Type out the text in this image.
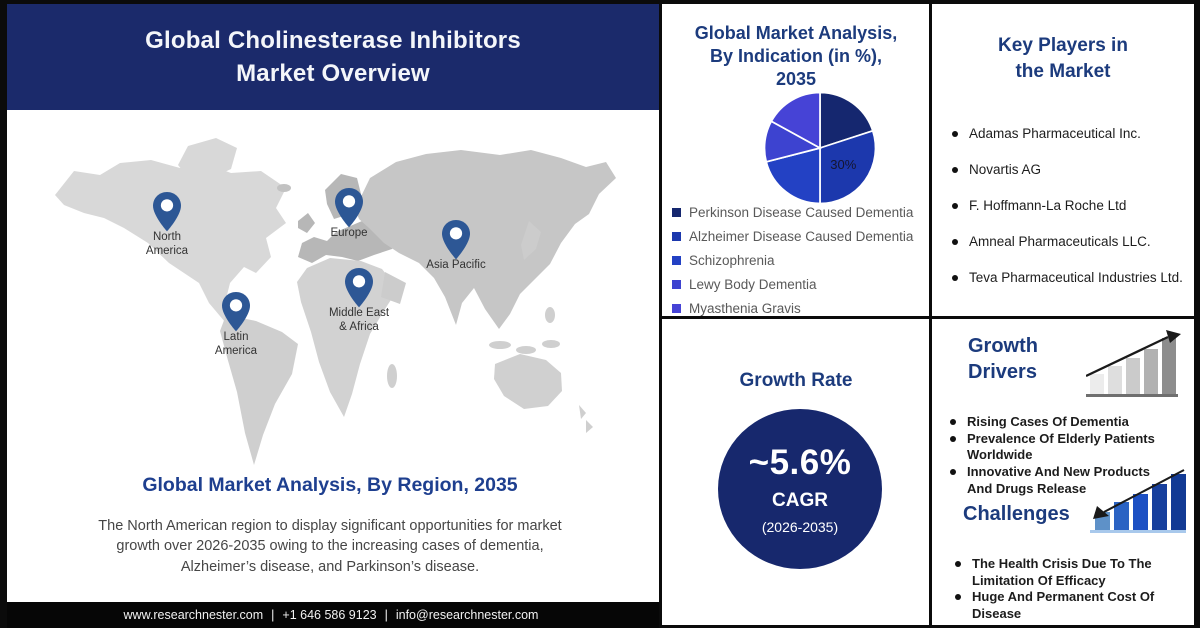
Global Cholinesterase Inhibitors
Market Overview
North
America
Europe
Asia Pacific
Middle East
& Africa
Latin
America
Global Market Analysis, By Region, 2035
The North American region to display significant opportunities for market growth over 2026-2035 owing to the increasing cases of dementia, Alzheimer’s disease, and Parkinson’s disease.
www.researchnester.com | +1 646 586 9123 | info@researchnester.com
Global Market Analysis,
By Indication (in %),
2035
30%
Perkinson Disease Caused Dementia
Alzheimer Disease Caused Dementia
Schizophrenia
Lewy Body Dementia
Myasthenia Gravis
Growth Rate
~5.6%
CAGR
(2026-2035)
Key Players in
the Market
Adamas Pharmaceutical Inc.
Novartis AG
F. Hoffmann-La Roche Ltd
Amneal Pharmaceuticals LLC.
Teva Pharmaceutical Industries Ltd.
Growth
Drivers
Rising Cases Of Dementia
Prevalence Of Elderly Patients Worldwide
Innovative And New Products And Drugs Release
Challenges
The Health Crisis Due To The Limitation Of Efficacy
Huge And Permanent Cost Of Disease
